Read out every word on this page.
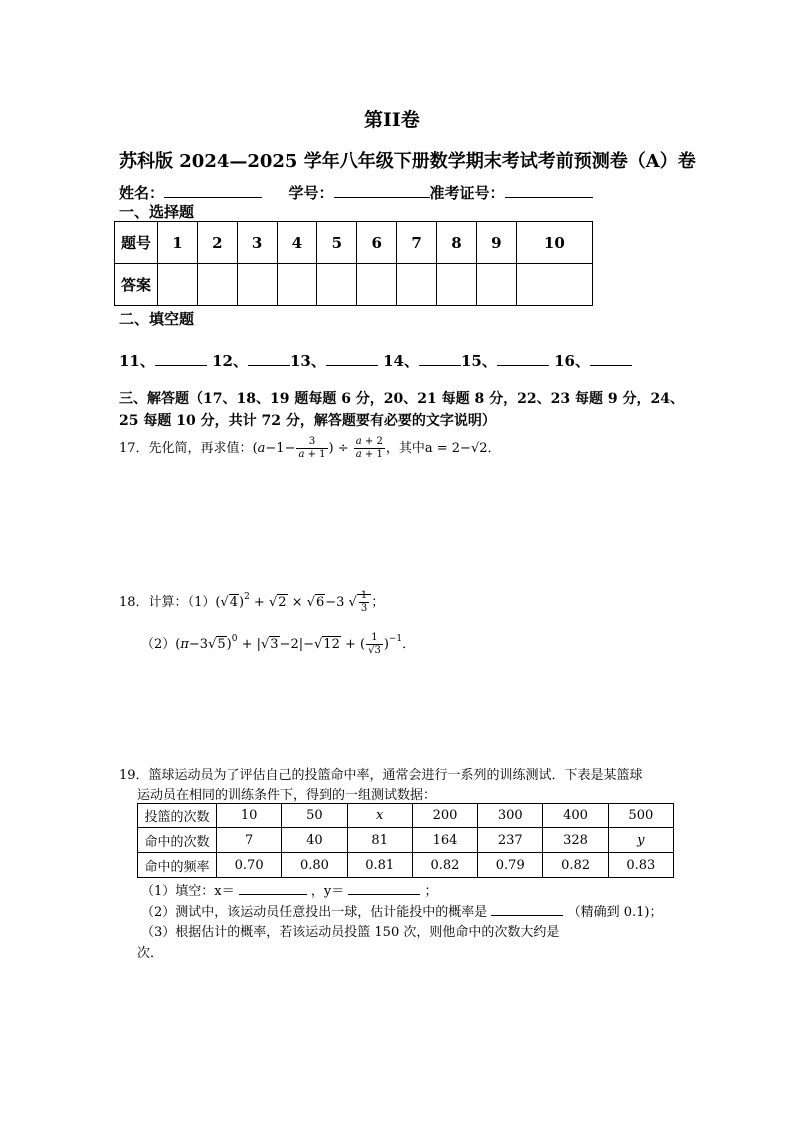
第II卷
苏科版 2024—2025 学年八年级下册数学期末考试考前预测卷（A）卷
姓名：	学号：	准考证号：
一、选择题
题号	1	2	3	4	5	6	7	8	9	10
答案										
二、填空题
11、	12、	13、	14、	15、	16、
三、解答题（17、18、19 题每题 6 分，20、21 每题 8 分，22、23 每题 9 分，24、
25 每题 10 分，共计 72 分，解答题要有必要的文字说明）
17．先化简，再求值：($a-1- \frac{3}{a + 1}$ ) ÷ $\frac{a + 2}{a + 1}$ ，其中a = 2−√2．
18．计算：$(1)(√4)^2 + √2 \times √6-3$ √ $\frac{1}{3}$ ；
$(2)(\pi-3√5)^0 + |√3-2|-√12$ + ( $\frac{1}{√3} )^{-1}$．
19．篮球运动员为了评估自己的投篮命中率，通常会进行一系列的训练测试．下表是某篮球
运动员在相同的训练条件下，得到的一组测试数据：
投篮的次数	10	50	x	200	300	400	500
命中的次数	7	40	81	164	237	328	y
命中的频率	0.70	0.80	0.81	0.82	0.79	0.82	0.83
（1）填空：x＝	，y＝	；
（2）测试中，该运动员任意投出一球，估计能投中的概率是	（精确到 0.1)；
（3）根据估计的概率，若该运动员投篮 150 次，则他命中的次数大约是
次．
